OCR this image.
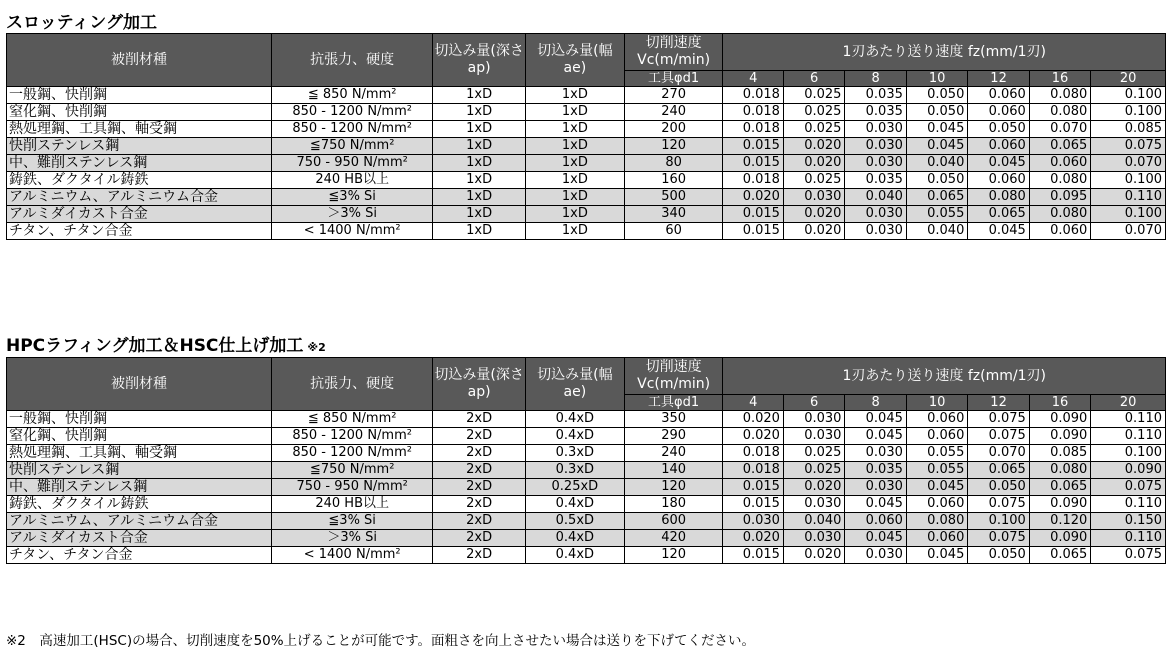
スロッティング加工
被削材種	抗張力、硬度	切込み量(深さ ap)	切込み量(幅ae)	切削速度Vc(m/min)	1刃あたり送り速度 fz(mm/1刃)						
				工具φd1	4	6	8	10	12	16	20
一般鋼、快削鋼	≦ 850 N/mm²	1xD	1xD	270	0.018	0.025	0.035	0.050	0.060	0.080	0.100
窒化鋼、快削鋼	850 - 1200 N/mm²	1xD	1xD	240	0.018	0.025	0.035	0.050	0.060	0.080	0.100
熱処理鋼、工具鋼、軸受鋼	850 - 1200 N/mm²	1xD	1xD	200	0.018	0.025	0.030	0.045	0.050	0.070	0.085
快削ステンレス鋼	≦750 N/mm²	1xD	1xD	120	0.015	0.020	0.030	0.045	0.060	0.065	0.075
中、難削ステンレス鋼	750 - 950 N/mm²	1xD	1xD	80	0.015	0.020	0.030	0.040	0.045	0.060	0.070
鋳鉄、ダクタイル鋳鉄	240 HB以上	1xD	1xD	160	0.018	0.025	0.035	0.050	0.060	0.080	0.100
アルミニウム、アルミニウム合金	≦3% Si	1xD	1xD	500	0.020	0.030	0.040	0.065	0.080	0.095	0.110
アルミダイカスト合金	＞3% Si	1xD	1xD	340	0.015	0.020	0.030	0.055	0.065	0.080	0.100
チタン、チタン合金	< 1400 N/mm²	1xD	1xD	60	0.015	0.020	0.030	0.040	0.045	0.060	0.070
HPCラフィング加工＆HSC仕上げ加工 ※2
被削材種	抗張力、硬度	切込み量(深さ ap)	切込み量(幅ae)	切削速度Vc(m/min)	1刃あたり送り速度 fz(mm/1刃)						
				工具φd1	4	6	8	10	12	16	20
一般鋼、快削鋼	≦ 850 N/mm²	2xD	0.4xD	350	0.020	0.030	0.045	0.060	0.075	0.090	0.110
窒化鋼、快削鋼	850 - 1200 N/mm²	2xD	0.4xD	290	0.020	0.030	0.045	0.060	0.075	0.090	0.110
熱処理鋼、工具鋼、軸受鋼	850 - 1200 N/mm²	2xD	0.3xD	240	0.018	0.025	0.030	0.055	0.070	0.085	0.100
快削ステンレス鋼	≦750 N/mm²	2xD	0.3xD	140	0.018	0.025	0.035	0.055	0.065	0.080	0.090
中、難削ステンレス鋼	750 - 950 N/mm²	2xD	0.25xD	120	0.015	0.020	0.030	0.045	0.050	0.065	0.075
鋳鉄、ダクタイル鋳鉄	240 HB以上	2xD	0.4xD	180	0.015	0.030	0.045	0.060	0.075	0.090	0.110
アルミニウム、アルミニウム合金	≦3% Si	2xD	0.5xD	600	0.030	0.040	0.060	0.080	0.100	0.120	0.150
アルミダイカスト合金	＞3% Si	2xD	0.4xD	420	0.020	0.030	0.045	0.060	0.075	0.090	0.110
チタン、チタン合金	< 1400 N/mm²	2xD	0.4xD	120	0.015	0.020	0.030	0.045	0.050	0.065	0.075
※2　高速加工(HSC)の場合、切削速度を50%上げることが可能です。面粗さを向上させたい場合は送りを下げてください。
